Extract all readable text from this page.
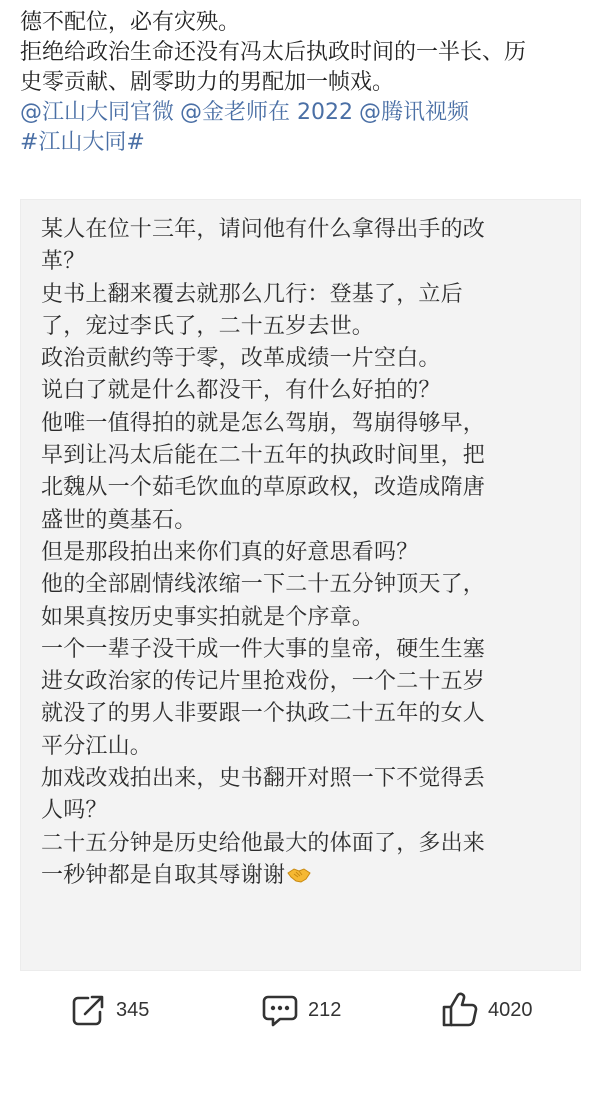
德不配位，必有灾殃。
拒绝给政治生命还没有冯太后执政时间的一半长、历
史零贡献、剧零助力的男配加一帧戏。
@江山大同官微 @金老师在 2022 @腾讯视频
#江山大同#
某人在位十三年，请问他有什么拿得出手的改
革？
史书上翻来覆去就那么几行：登基了，立后
了，宠过李氏了，二十五岁去世。
政治贡献约等于零，改革成绩一片空白。
说白了就是什么都没干，有什么好拍的？
他唯一值得拍的就是怎么驾崩，驾崩得够早，
早到让冯太后能在二十五年的执政时间里，把
北魏从一个茹毛饮血的草原政权，改造成隋唐
盛世的奠基石。
但是那段拍出来你们真的好意思看吗？
他的全部剧情线浓缩一下二十五分钟顶天了，
如果真按历史事实拍就是个序章。
一个一辈子没干成一件大事的皇帝，硬生生塞
进女政治家的传记片里抢戏份，一个二十五岁
就没了的男人非要跟一个执政二十五年的女人
平分江山。
加戏改戏拍出来，史书翻开对照一下不觉得丢
人吗？
二十五分钟是历史给他最大的体面了，多出来
一秒钟都是自取其辱谢谢
345	212	4020
